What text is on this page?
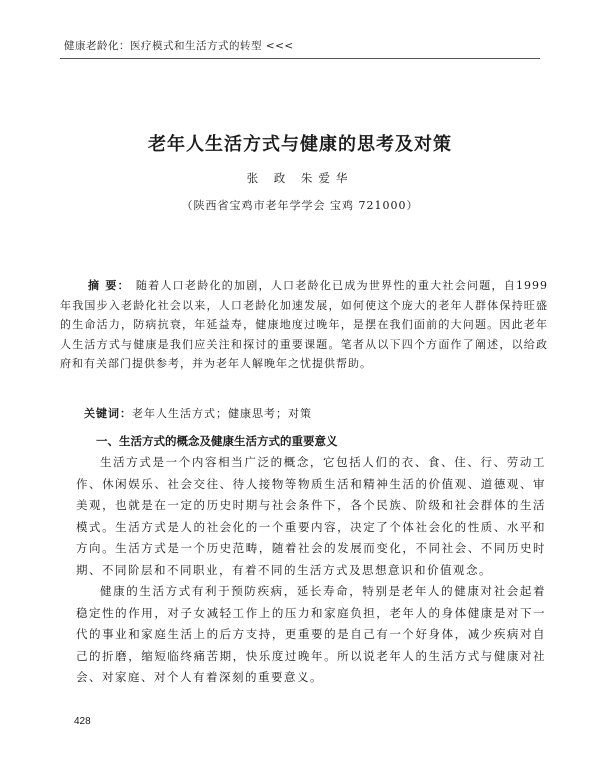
健康老龄化：医疗模式和生活方式的转型 <<<
老年人生活方式与健康的思考及对策
张 政 朱爱华
（陕西省宝鸡市老年学学会 宝鸡 721000）
摘 要： 随着人口老龄化的加剧，人口老龄化已成为世界性的重大社会问题，自1999年我国步入老龄化社会以来，人口老龄化加速发展，如何使这个庞大的老年人群体保持旺盛的生命活力，防病抗衰，年延益寿，健康地度过晚年，是摆在我们面前的大问题。因此老年人生活方式与健康是我们应关注和探讨的重要课题。笔者从以下四个方面作了阐述，以给政府和有关部门提供参考，并为老年人解晚年之忧提供帮助。
关键词：老年人生活方式；健康思考；对策
一、生活方式的概念及健康生活方式的重要意义
生活方式是一个内容相当广泛的概念，它包括人们的衣、食、住、行、劳动工作、休闲娱乐、社会交往、待人接物等物质生活和精神生活的价值观、道德观、审美观，也就是在一定的历史时期与社会条件下，各个民族、阶级和社会群体的生活模式。生活方式是人的社会化的一个重要内容，决定了个体社会化的性质、水平和方向。生活方式是一个历史范畴，随着社会的发展而变化，不同社会、不同历史时期、不同阶层和不同职业，有着不同的生活方式及思想意识和价值观念。
健康的生活方式有利于预防疾病，延长寿命，特别是老年人的健康对社会起着稳定性的作用，对子女减轻工作上的压力和家庭负担，老年人的身体健康是对下一代的事业和家庭生活上的后方支持，更重要的是自己有一个好身体，减少疾病对自己的折磨，缩短临终痛苦期，快乐度过晚年。所以说老年人的生活方式与健康对社会、对家庭、对个人有着深刻的重要意义。
428
